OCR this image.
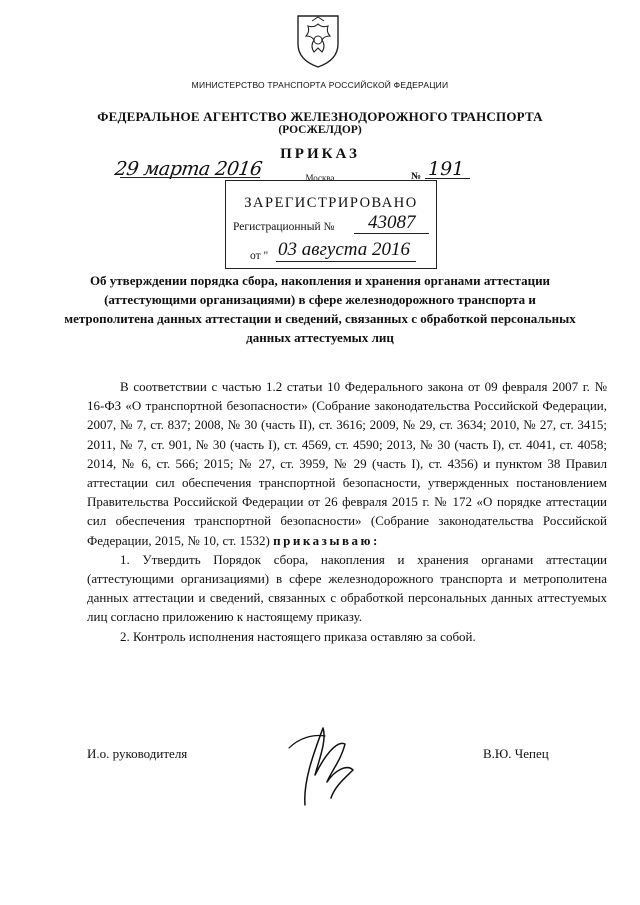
МИНИСТЕРСТВО ТРАНСПОРТА РОССИЙСКОЙ ФЕДЕРАЦИИ
ФЕДЕРАЛЬНОЕ АГЕНТСТВО ЖЕЛЕЗНОДОРОЖНОГО ТРАНСПОРТА
(РОСЖЕЛДОР)
ПРИКАЗ
29 марта 2016	Москва	№ 191
ЗАРЕГИСТРИРОВАНО
Регистрационный № 43087
от " 03 августа 2016
Об утверждении порядка сбора, накопления и хранения органами аттестации (аттестующими организациями) в сфере железнодорожного транспорта и метрополитена данных аттестации и сведений, связанных с обработкой персональных данных аттестуемых лиц

В соответствии с частью 1.2 статьи 10 Федерального закона от 09 февраля 2007 г. № 16-ФЗ «О транспортной безопасности» (Собрание законодательства Российской Федерации, 2007, № 7, ст. 837; 2008, № 30 (часть II), ст. 3616; 2009, № 29, ст. 3634; 2010, № 27, ст. 3415; 2011, № 7, ст. 901, № 30 (часть I), ст. 4569, ст. 4590; 2013, № 30 (часть I), ст. 4041, ст. 4058; 2014, № 6, ст. 566; 2015; № 27, ст. 3959, № 29 (часть I), ст. 4356) и пунктом 38 Правил аттестации сил обеспечения транспортной безопасности, утвержденных постановлением Правительства Российской Федерации от 26 февраля 2015 г. № 172 «О порядке аттестации сил обеспечения транспортной безопасности» (Собрание законодательства Российской Федерации, 2015, № 10, ст. 1532) приказываю:

1. Утвердить Порядок сбора, накопления и хранения органами аттестации (аттестующими организациями) в сфере железнодорожного транспорта и метрополитена данных аттестации и сведений, связанных с обработкой персональных данных аттестуемых лиц согласно приложению к настоящему приказу.

2. Контроль исполнения настоящего приказа оставляю за собой.

И.о. руководителя	В.Ю. Чепец
